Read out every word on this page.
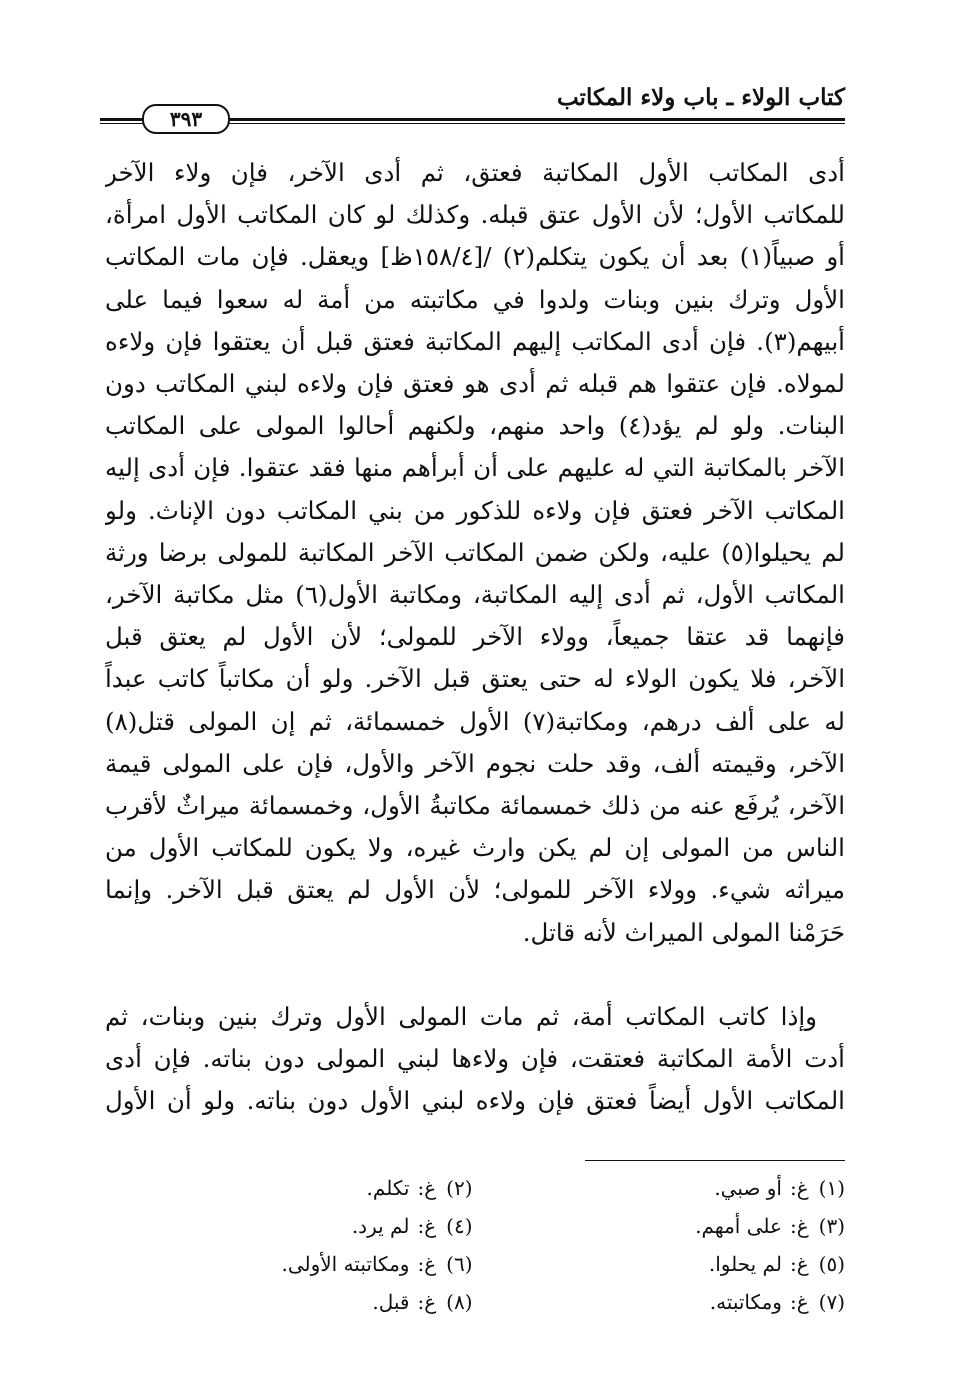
كتاب الولاء ـ باب ولاء المكاتب
٣٩٣
أدى المكاتب الأول المكاتبة فعتق، ثم أدى الآخر، فإن ولاء الآخر
للمكاتب الأول؛ لأن الأول عتق قبله. وكذلك لو كان المكاتب الأول امرأة،
أو صبياً(١) بعد أن يكون يتكلم(٢) /[١٥٨/٤ظ] ويعقل. فإن مات المكاتب
الأول وترك بنين وبنات ولدوا في مكاتبته من أمة له سعوا فيما على
أبيهم(٣). فإن أدى المكاتب إليهم المكاتبة فعتق قبل أن يعتقوا فإن ولاءه
لمولاه. فإن عتقوا هم قبله ثم أدى هو فعتق فإن ولاءه لبني المكاتب دون
البنات. ولو لم يؤد(٤) واحد منهم، ولكنهم أحالوا المولى على المكاتب
الآخر بالمكاتبة التي له عليهم على أن أبرأهم منها فقد عتقوا. فإن أدى إليه
المكاتب الآخر فعتق فإن ولاءه للذكور من بني المكاتب دون الإناث. ولو
لم يحيلوا(٥) عليه، ولكن ضمن المكاتب الآخر المكاتبة للمولى برضا ورثة
المكاتب الأول، ثم أدى إليه المكاتبة، ومكاتبة الأول(٦) مثل مكاتبة الآخر،
فإنهما قد عتقا جميعاً، وولاء الآخر للمولى؛ لأن الأول لم يعتق قبل
الآخر، فلا يكون الولاء له حتى يعتق قبل الآخر. ولو أن مكاتباً كاتب عبداً
له على ألف درهم، ومكاتبة(٧) الأول خمسمائة، ثم إن المولى قتل(٨)
الآخر، وقيمته ألف، وقد حلت نجوم الآخر والأول، فإن على المولى قيمة
الآخر، يُرفَع عنه من ذلك خمسمائة مكاتبةُ الأول، وخمسمائة ميراثٌ لأقرب
الناس من المولى إن لم يكن وارث غيره، ولا يكون للمكاتب الأول من
ميراثه شيء. وولاء الآخر للمولى؛ لأن الأول لم يعتق قبل الآخر. وإنما
حَرَمْنا المولى الميراث لأنه قاتل.
وإذا كاتب المكاتب أمة، ثم مات المولى الأول وترك بنين وبنات، ثم
أدت الأمة المكاتبة فعتقت، فإن ولاءها لبني المولى دون بناته. فإن أدى
المكاتب الأول أيضاً فعتق فإن ولاءه لبني الأول دون بناته. ولو أن الأول
(١)غ:أو صبي.
(٢)غ:تكلم.
(٣)غ:على أمهم.
(٤)غ:لم يرد.
(٥)غ:لم يحلوا.
(٦)غ:ومكاتبته الأولى.
(٧)غ:ومكاتبته.
(٨)غ:قبل.
